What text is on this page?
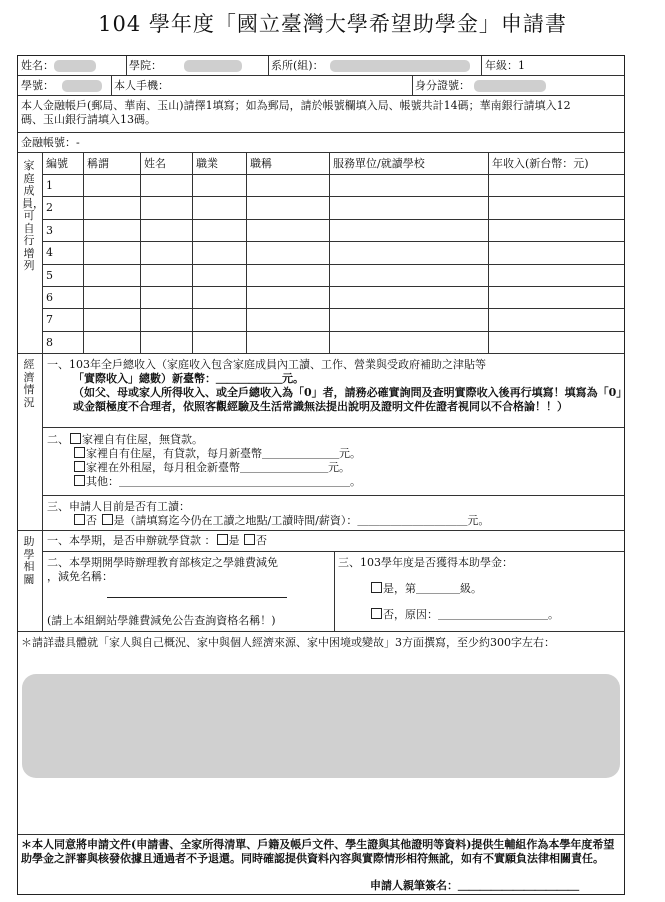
104 學年度「國立臺灣大學希望助學金」申請書
姓名：	學院：	系所(組)：	年級：1
學號：	本人手機：	身分證號：
本人金融帳戶(郵局、華南、玉山)請擇1填寫；如為郵局，請於帳號欄填入局、帳號共計14碼；華南銀行請填入12碼、玉山銀行請填入13碼。
金融帳號：-
家庭成員，可自行增列
編號 稱謂	姓名	職業	職稱	服務單位/就讀學校	年收入(新台幣：元)
1
2
3
4
5
6
7
8
經濟情況
一、103年全戶總收入（家庭收入包含家庭成員內工讀、工作、營業與受政府補助之津貼等
「實際收入」總數）新臺幣：＿＿＿＿＿＿元。
（如父、母或家人所得收入、或全戶總收入為「0」者，請務必確實詢問及查明實際收入後再行填寫！填寫為「0」或金額極度不合理者，依照客觀經驗及生活常識無法提出說明及證明文件佐證者視同以不合格論！！）
二、 家裡自有住屋，無貸款。
家裡自有住屋，有貸款，每月新臺幣＿＿＿＿＿＿＿元。
家裡在外租屋，每月租金新臺幣＿＿＿＿＿＿＿＿元。
其他：＿＿＿＿＿＿＿＿＿＿＿＿＿＿＿＿＿＿＿＿＿。
三、申請人目前是否有工讀：
否 是（請填寫迄今仍在工讀之地點/工讀時間/薪資）：＿＿＿＿＿＿＿＿＿＿元。
助學相關
一、本學期，是否申辦就學貸款 ： 是 否
二、本學期開學時辦理教育部核定之學雜費減免
，減免名稱：
(請上本組網站學雜費減免公告查詢資格名稱！)
三、103學年度是否獲得本助學金：
是，第＿＿＿＿級。
否，原因：＿＿＿＿＿＿＿＿＿＿。
＊請詳盡具體就「家人與自己概況、家中與個人經濟來源、家中困境或變故」3方面撰寫，至少約300字左右：
＊本人同意將申請文件(申請書、全家所得清單、戶籍及帳戶文件、學生證與其他證明等資料)提供生輔組作為本學年度希望助學金之評審與核發依據且通過者不予退還。同時確認提供資料內容與實際情形相符無訛，如有不實願負法律相關責任。
申請人親筆簽名：＿＿＿＿＿＿＿＿＿＿＿
